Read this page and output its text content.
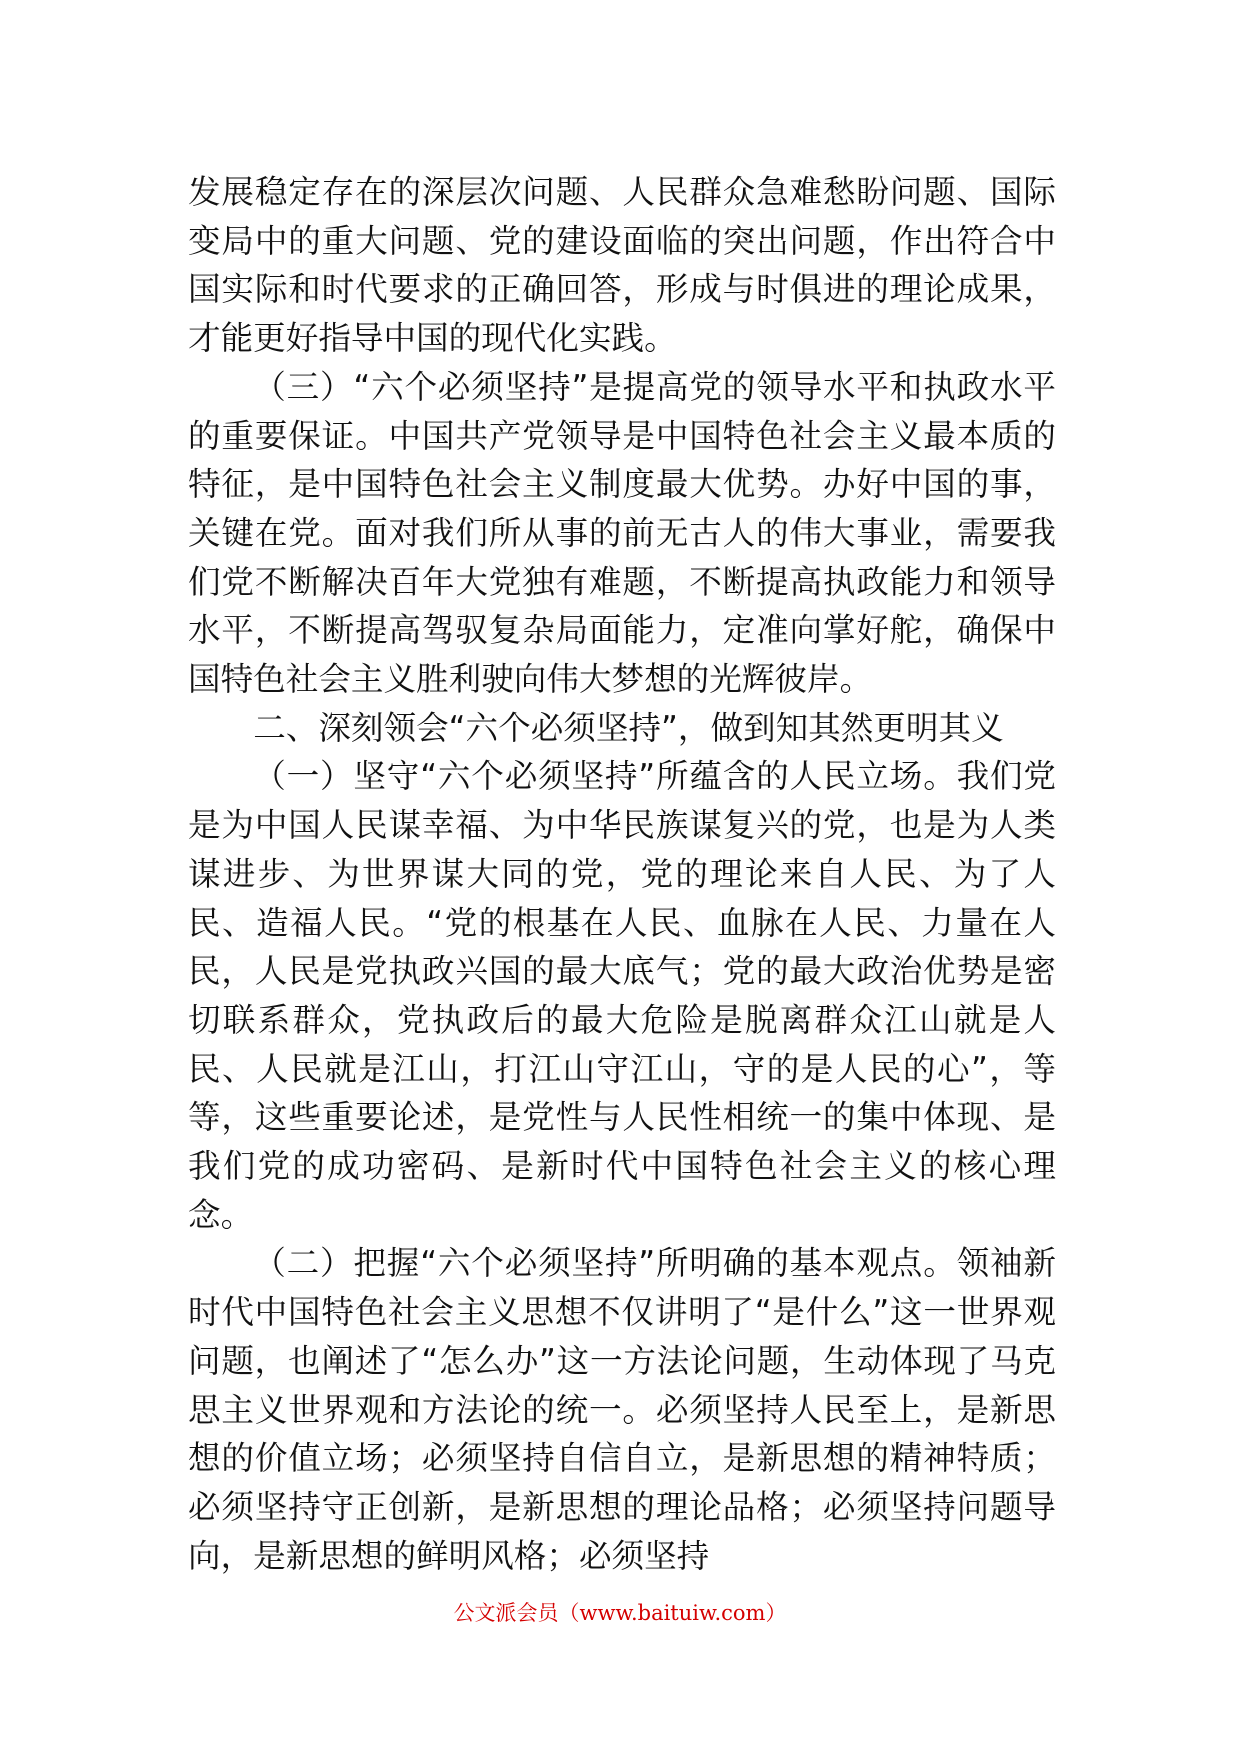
发展稳定存在的深层次问题、人民群众急难愁盼问题、国际变局中的重大问题、党的建设面临的突出问题，作出符合中国实际和时代要求的正确回答，形成与时俱进的理论成果，才能更好指导中国的现代化实践。

（三）“六个必须坚持”是提高党的领导水平和执政水平的重要保证。中国共产党领导是中国特色社会主义最本质的特征，是中国特色社会主义制度最大优势。办好中国的事，关键在党。面对我们所从事的前无古人的伟大事业，需要我们党不断解决百年大党独有难题，不断提高执政能力和领导水平，不断提高驾驭复杂局面能力，定准向掌好舵，确保中国特色社会主义胜利驶向伟大梦想的光辉彼岸。

二、深刻领会“六个必须坚持”，做到知其然更明其义

（一）坚守“六个必须坚持”所蕴含的人民立场。我们党是为中国人民谋幸福、为中华民族谋复兴的党，也是为人类谋进步、为世界谋大同的党，党的理论来自人民、为了人民、造福人民。“党的根基在人民、血脉在人民、力量在人民，人民是党执政兴国的最大底气；党的最大政治优势是密切联系群众，党执政后的最大危险是脱离群众江山就是人民、人民就是江山，打江山守江山，守的是人民的心”，等等，这些重要论述，是党性与人民性相统一的集中体现、是我们党的成功密码、是新时代中国特色社会主义的核心理念。

（二）把握“六个必须坚持”所明确的基本观点。领袖新时代中国特色社会主义思想不仅讲明了“是什么”这一世界观问题，也阐述了“怎么办”这一方法论问题，生动体现了马克思主义世界观和方法论的统一。必须坚持人民至上，是新思想的价值立场；必须坚持自信自立，是新思想的精神特质；必须坚持守正创新，是新思想的理论品格；必须坚持问题导向，是新思想的鲜明风格；必须坚持

公文派会员（www.baituiw.com）
